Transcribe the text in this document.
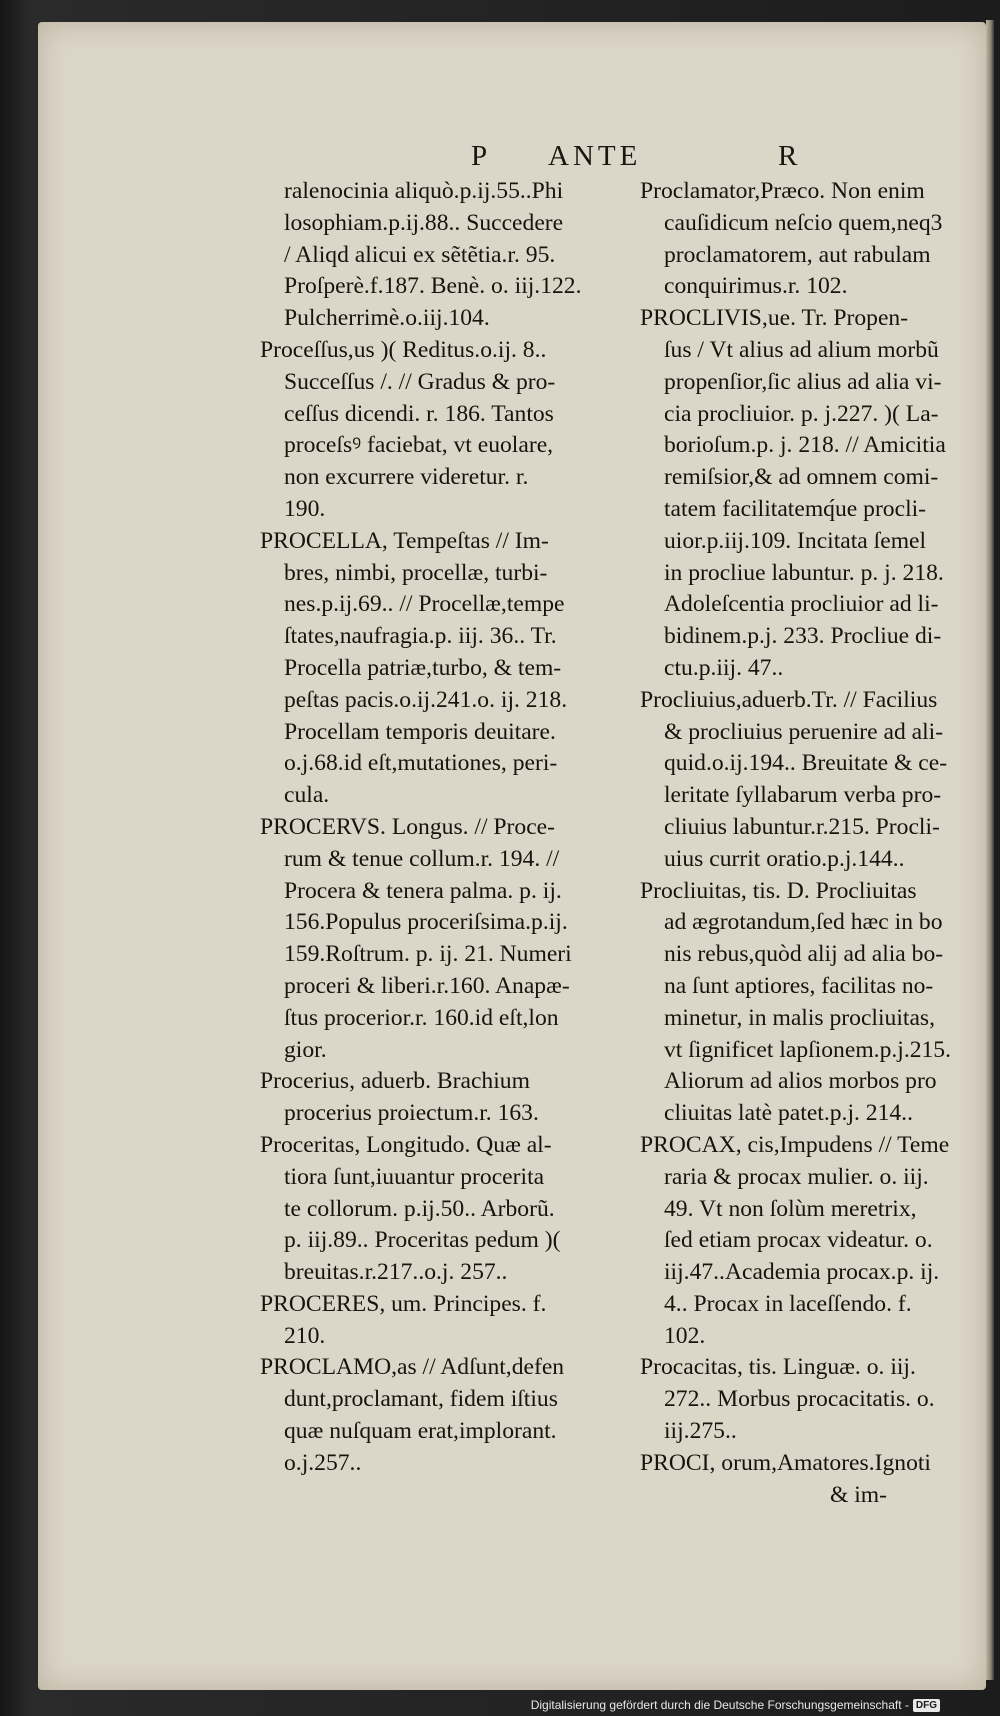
P ANTE	R
ralenocinia aliquò.p.ij.55..Phi
losophiam.p.ij.88.. Succedere
/ Aliqd alicui ex sẽtẽtia.r. 95.
Proſperè.f.187. Benè. o. iij.122.
Pulcherrimè.o.iij.104.
Proceſſus,us )( Reditus.o.ij. 8..
Succeſſus /. // Gradus & pro-
ceſſus dicendi. r. 186. Tantos
proceſsꝰ faciebat, vt euolare,
non excurrere videretur. r.
190.
PROCELLA, Tempeſtas // Im-
bres, nimbi, procellæ, turbi-
nes.p.ij.69.. // Procellæ,tempe
ſtates,naufragia.p. iij. 36.. Tr.
Procella patriæ,turbo, & tem-
peſtas pacis.o.ij.241.o. ij. 218.
Procellam temporis deuitare.
o.j.68.id eſt,mutationes, peri-
cula.
PROCERVS. Longus. // Proce-
rum & tenue collum.r. 194. //
Procera & tenera palma. p. ij.
156.Populus proceriſsima.p.ij.
159.Roſtrum. p. ij. 21. Numeri
proceri & liberi.r.160. Anapæ-
ſtus procerior.r. 160.id eſt,lon
gior.
Procerius, aduerb. Brachium
procerius proiectum.r. 163.
Proceritas, Longitudo. Quæ al-
tiora ſunt,iuuantur procerita
te collorum. p.ij.50.. Arborũ.
p. iij.89.. Proceritas pedum )(
breuitas.r.217..o.j. 257..
PROCERES, um. Principes. f.
210.
PROCLAMO,as // Adſunt,defen
dunt,proclamant, fidem iſtius
quæ nuſquam erat,implorant.
o.j.257..
Proclamator,Præco. Non enim
cauſidicum neſcio quem,neq3
proclamatorem, aut rabulam
conquirimus.r. 102.
PROCLIVIS,ue. Tr. Propen-
ſus / Vt alius ad alium morbũ
propenſior,ſic alius ad alia vi-
cia procliuior. p. j.227. )( La-
borioſum.p. j. 218. // Amicitia
remiſsior,& ad omnem comi-
tatem facilitatemq́ue procli-
uior.p.iij.109. Incitata ſemel
in procliue labuntur. p. j. 218.
Adoleſcentia procliuior ad li-
bidinem.p.j. 233. Procliue di-
ctu.p.iij. 47..
Procliuius,aduerb.Tr. // Facilius
& procliuius peruenire ad ali-
quid.o.ij.194.. Breuitate & ce-
leritate ſyllabarum verba pro-
cliuius labuntur.r.215. Procli-
uius currit oratio.p.j.144..
Procliuitas, tis. D. Procliuitas
ad ægrotandum,ſed hæc in bo
nis rebus,quòd alij ad alia bo-
na ſunt aptiores, facilitas no-
minetur, in malis procliuitas,
vt ſignificet lapſionem.p.j.215.
Aliorum ad alios morbos pro
cliuitas latè patet.p.j. 214..
PROCAX, cis,Impudens // Teme
raria & procax mulier. o. iij.
49. Vt non ſolùm meretrix,
ſed etiam procax videatur. o.
iij.47..Academia procax.p. ij.
4.. Procax in laceſſendo. f.
102.
Procacitas, tis. Linguæ. o. iij.
272.. Morbus procacitatis. o.
iij.275..
PROCI, orum,Amatores.Ignoti
& im-
Digitalisierung gefördert durch die Deutsche Forschungsgemeinschaft - DFG
